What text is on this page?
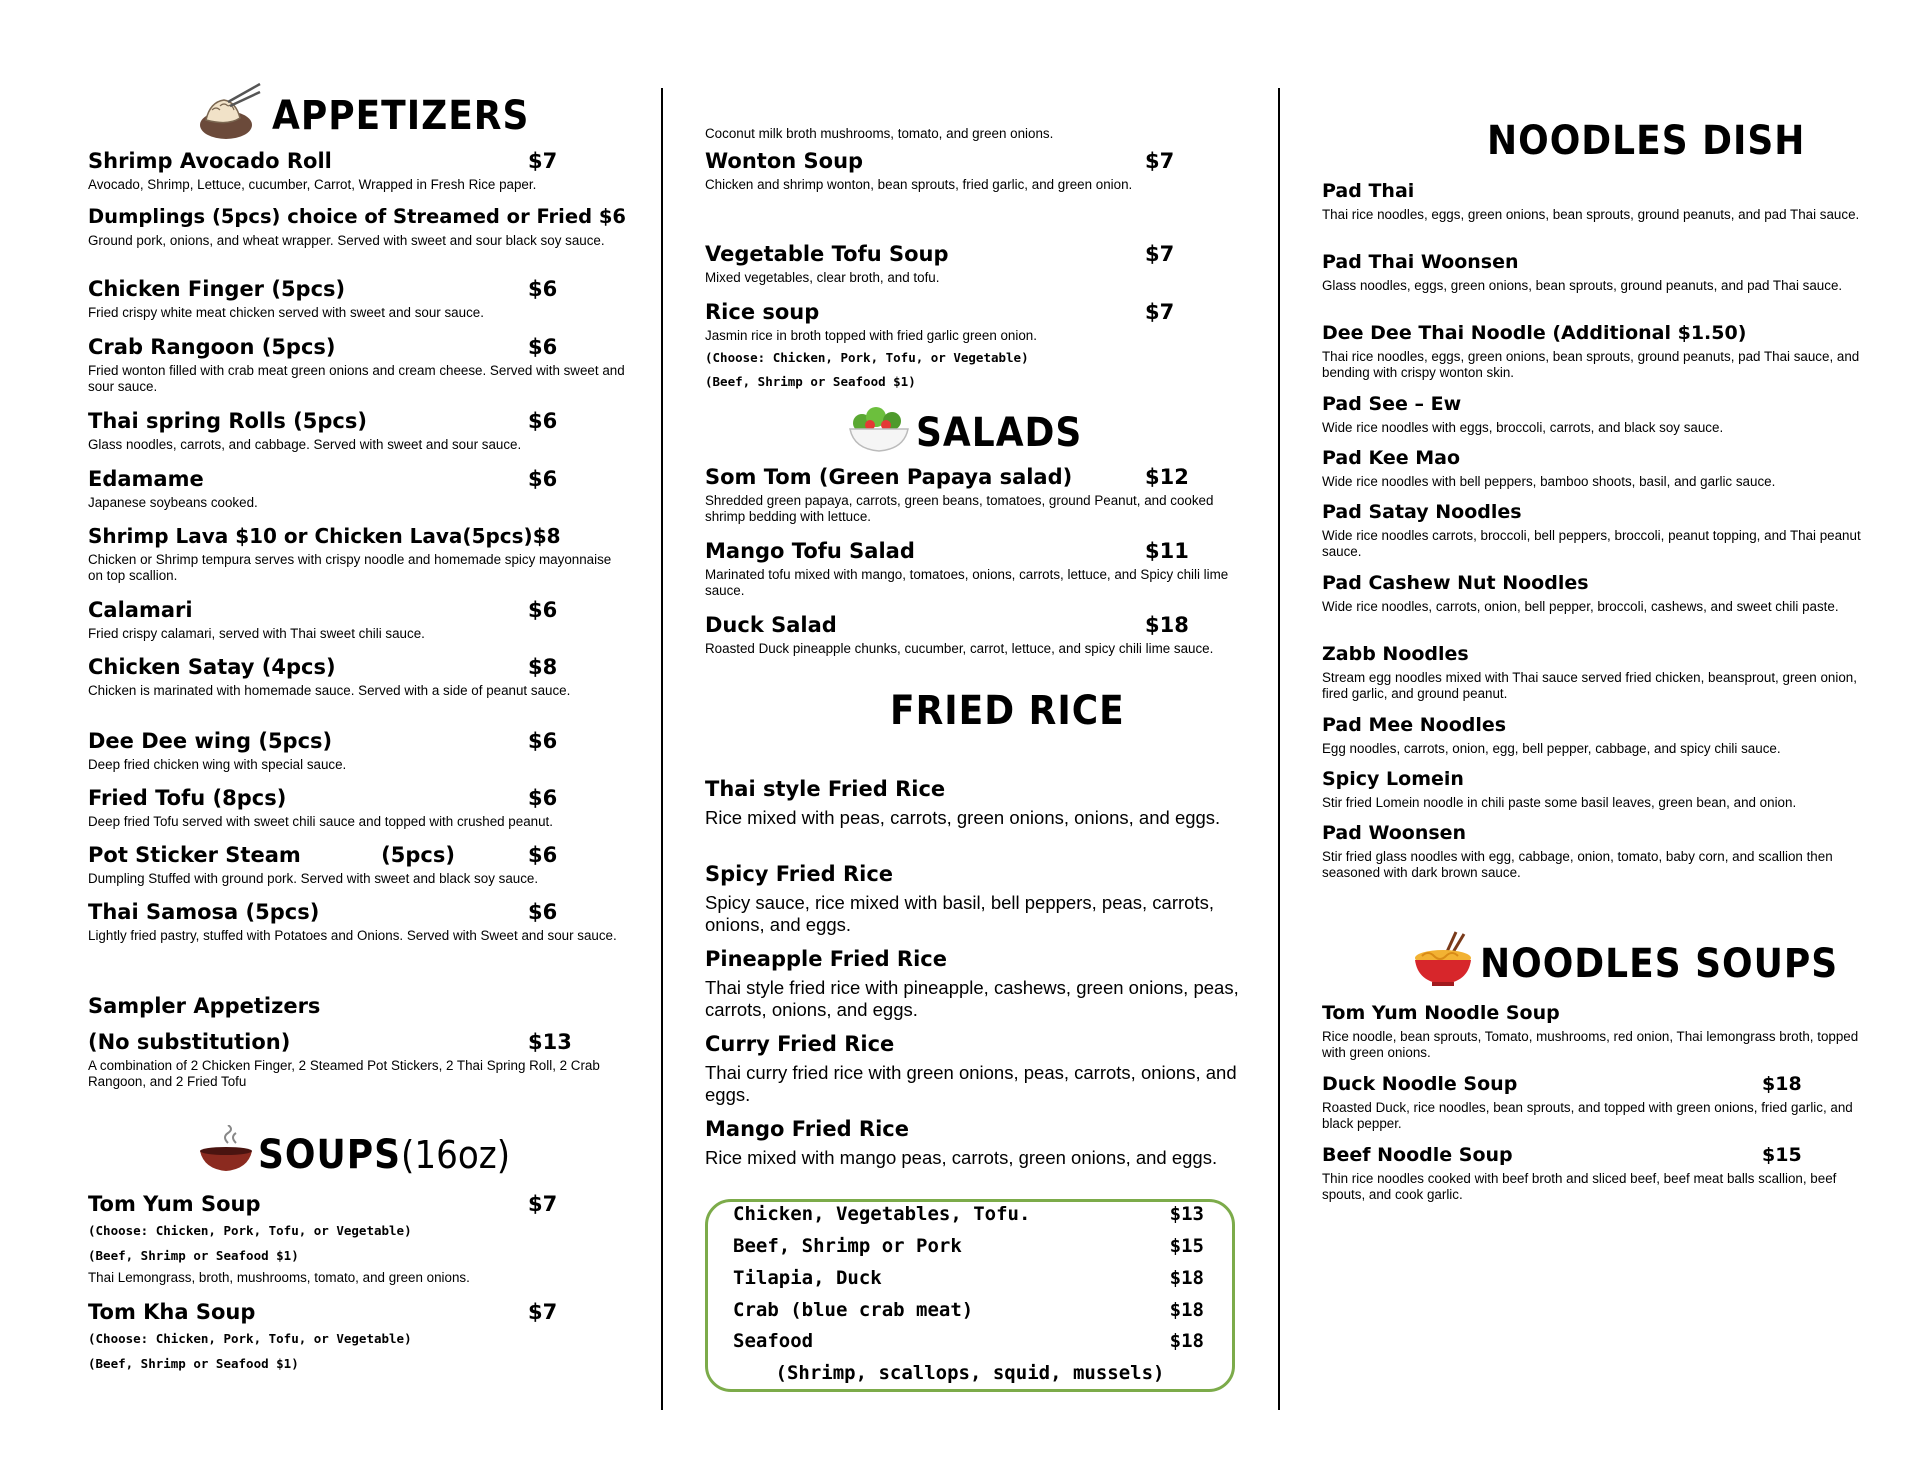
APPETIZERS
Shrimp Avocado Roll	$7
Avocado, Shrimp, Lettuce, cucumber, Carrot, Wrapped in Fresh Rice paper.
Dumplings (5pcs) choice of Streamed or Fried $6
Ground pork, onions, and wheat wrapper. Served with sweet and sour black soy sauce.
Chicken Finger (5pcs)	$6
Fried crispy white meat chicken served with sweet and sour sauce.
Crab Rangoon (5pcs)	$6
Fried wonton filled with crab meat green onions and cream cheese. Served with sweet and sour sauce.
Thai spring Rolls (5pcs)	$6
Glass noodles, carrots, and cabbage. Served with sweet and sour sauce.
Edamame	$6
Japanese soybeans cooked.
Shrimp Lava $10 or Chicken Lava(5pcs) $8
Chicken or Shrimp tempura serves with crispy noodle and homemade spicy mayonnaise on top scallion.
Calamari	$6
Fried crispy calamari, served with Thai sweet chili sauce.
Chicken Satay (4pcs)	$8
Chicken is marinated with homemade sauce. Served with a side of peanut sauce.
Dee Dee wing (5pcs)	$6
Deep fried chicken wing with special sauce.
Fried Tofu (8pcs)	$6
Deep fried Tofu served with sweet chili sauce and topped with crushed peanut.
Pot Sticker Steam           (5pcs)	$6
Dumpling Stuffed with ground pork. Served with sweet and black soy sauce.
Thai Samosa (5pcs)	$6
Lightly fried pastry, stuffed with Potatoes and Onions. Served with Sweet and sour sauce.
Sampler Appetizers
(No substitution)	$13
A combination of 2 Chicken Finger, 2 Steamed Pot Stickers, 2 Thai Spring Roll, 2 Crab Rangoon, and 2 Fried Tofu
SOUPS (16oz)
Tom Yum Soup	$7
(Choose: Chicken, Pork, Tofu, or Vegetable)
(Beef, Shrimp or Seafood $1)
Thai Lemongrass, broth, mushrooms, tomato, and green onions.
Tom Kha Soup	$7
(Choose: Chicken, Pork, Tofu, or Vegetable)
(Beef, Shrimp or Seafood $1)
Coconut milk broth mushrooms, tomato, and green onions.
Wonton Soup	$7
Chicken and shrimp wonton, bean sprouts, fried garlic, and green onion.
Vegetable Tofu Soup	$7
Mixed vegetables, clear broth, and tofu.
Rice soup	$7
Jasmin rice in broth topped with fried garlic green onion.
(Choose: Chicken, Pork, Tofu, or Vegetable)
(Beef, Shrimp or Seafood $1)
SALADS
Som Tom (Green Papaya salad)	$12
Shredded green papaya, carrots, green beans, tomatoes, ground Peanut, and cooked shrimp bedding with lettuce.
Mango Tofu Salad	$11
Marinated tofu mixed with mango, tomatoes, onions, carrots, lettuce, and Spicy chili lime sauce.
Duck Salad	$18
Roasted Duck pineapple chunks, cucumber, carrot, lettuce, and spicy chili lime sauce.
FRIED RICE
Thai style Fried Rice
Rice mixed with peas, carrots, green onions, onions, and eggs.
Spicy Fried Rice
Spicy sauce, rice mixed with basil, bell peppers, peas, carrots, onions, and eggs.
Pineapple Fried Rice
Thai style fried rice with pineapple, cashews, green onions, peas, carrots, onions, and eggs.
Curry Fried Rice
Thai curry fried rice with green onions, peas, carrots, onions, and eggs.
Mango Fried Rice
Rice mixed with mango peas, carrots, green onions, and eggs.
Chicken, Vegetables, Tofu.	$13
Beef, Shrimp or Pork	$15
Tilapia, Duck	$18
Crab (blue crab meat)	$18
Seafood	$18
(Shrimp, scallops, squid, mussels)
NOODLES DISH
Pad Thai
Thai rice noodles, eggs, green onions, bean sprouts, ground peanuts, and pad Thai sauce.
Pad Thai Woonsen
Glass noodles, eggs, green onions, bean sprouts, ground peanuts, and pad Thai sauce.
Dee Dee Thai Noodle (Additional $1.50)
Thai rice noodles, eggs, green onions, bean sprouts, ground peanuts, pad Thai sauce, and bending with crispy wonton skin.
Pad See – Ew
Wide rice noodles with eggs, broccoli, carrots, and black soy sauce.
Pad Kee Mao
Wide rice noodles with bell peppers, bamboo shoots, basil, and garlic sauce.
Pad Satay Noodles
Wide rice noodles carrots, broccoli, bell peppers, broccoli, peanut topping, and Thai peanut sauce.
Pad Cashew Nut Noodles
Wide rice noodles, carrots, onion, bell pepper, broccoli, cashews, and sweet chili paste.
Zabb Noodles
Stream egg noodles mixed with Thai sauce served fried chicken, beansprout, green onion, fired garlic, and ground peanut.
Pad Mee Noodles
Egg noodles, carrots, onion, egg, bell pepper, cabbage, and spicy chili sauce.
Spicy Lomein
Stir fried Lomein noodle in chili paste some basil leaves, green bean, and onion.
Pad Woonsen
Stir fried glass noodles with egg, cabbage, onion, tomato, baby corn, and scallion then seasoned with dark brown sauce.
NOODLES SOUPS
Tom Yum Noodle Soup
Rice noodle, bean sprouts, Tomato, mushrooms, red onion, Thai lemongrass broth, topped with green onions.
Duck Noodle Soup	$18
Roasted Duck, rice noodles, bean sprouts, and topped with green onions, fried garlic, and black pepper.
Beef Noodle Soup	$15
Thin rice noodles cooked with beef broth and sliced beef, beef meat balls scallion, beef spouts, and cook garlic.
